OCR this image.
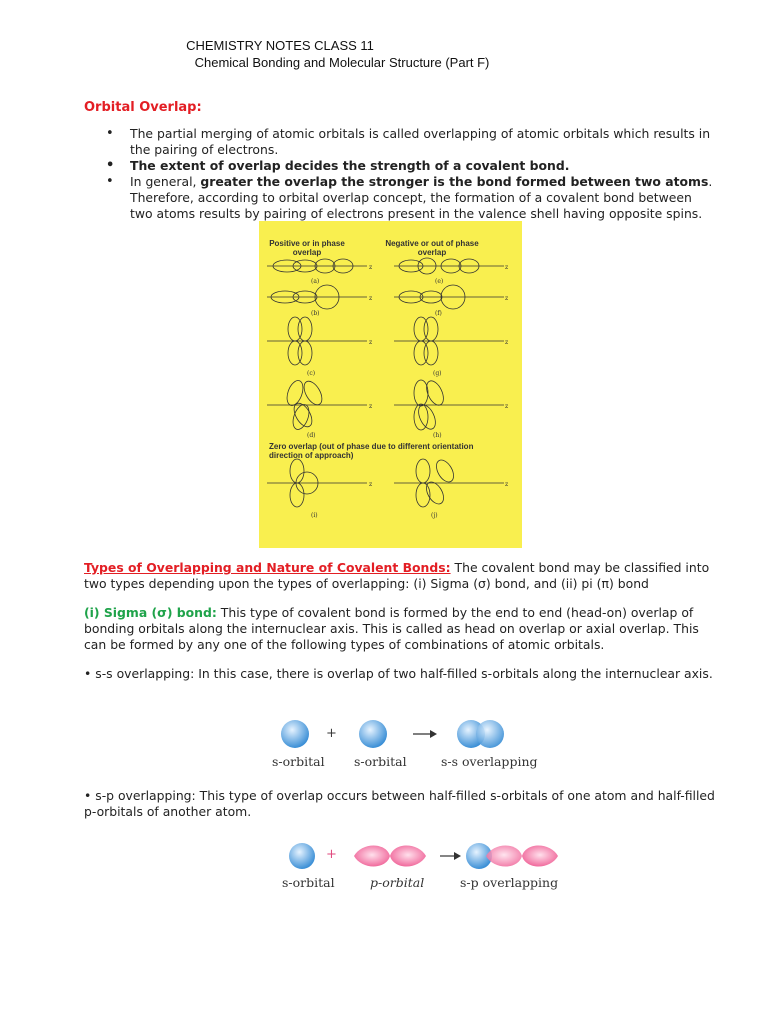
CHEMISTRY NOTES CLASS 11
Chemical Bonding and Molecular Structure (Part F)
Orbital Overlap:
• The partial merging of atomic orbitals is called overlapping of atomic orbitals which results in the pairing of electrons.
• The extent of overlap decides the strength of a covalent bond.
• In general, greater the overlap the stronger is the bond formed between two atoms. Therefore, according to orbital overlap concept, the formation of a covalent bond between two atoms results by pairing of electrons present in the valence shell having opposite spins.
Positive or in phase overlap
Negative or out of phase overlap
Zero overlap (out of phase due to different orientation direction of approach)
(a)	(e)
(b)	(f)
(c)	(g)
(d)	(h)
(i)	(j)
z	z
z	z
z	z
z	z
z	z

Types of Overlapping and Nature of Covalent Bonds: The covalent bond may be classified into two types depending upon the types of overlapping: (i) Sigma (σ) bond, and (ii) pi (π) bond

(i) Sigma (σ) bond: This type of covalent bond is formed by the end to end (head-on) overlap of bonding orbitals along the internuclear axis. This is called as head on overlap or axial overlap. This can be formed by any one of the following types of combinations of atomic orbitals.

• s-s overlapping: In this case, there is overlap of two half-filled s-orbitals along the internuclear axis.

+
s-orbital s-orbital	s-s overlapping

• s-p overlapping: This type of overlap occurs between half-filled s-orbitals of one atom and half-filled p-orbitals of another atom.

+
s-orbital	p-orbital	s-p overlapping
